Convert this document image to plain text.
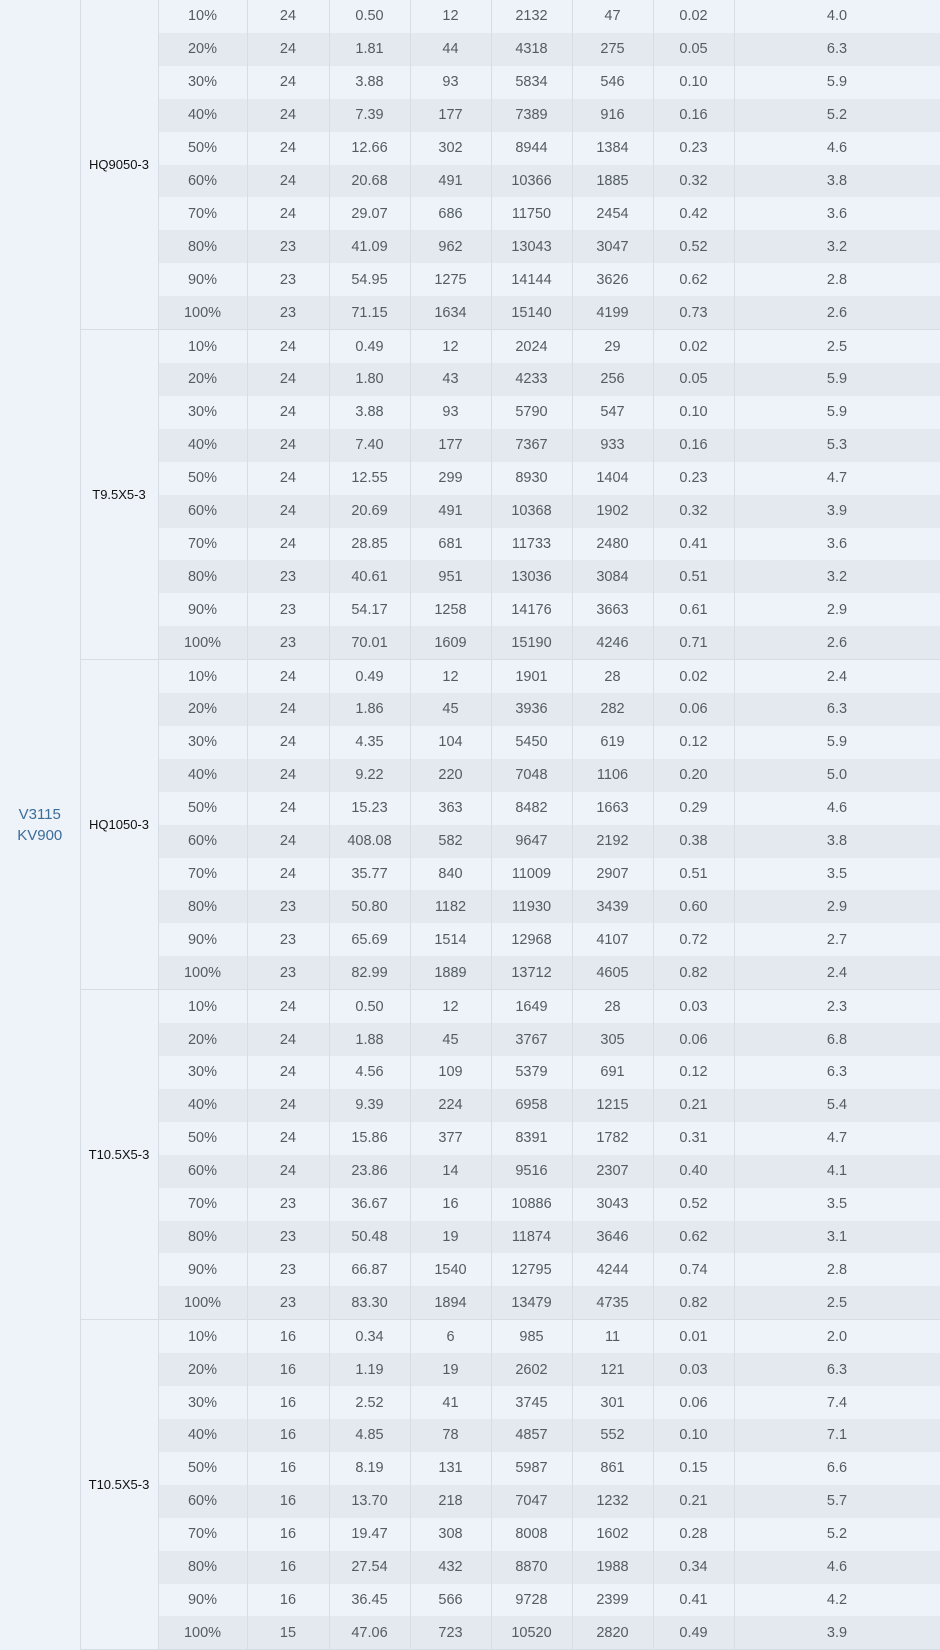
V3115
KV900	HQ9050-3	10%	24	0.50	12	2132	47	0.02	4.0	
		20%	24	1.81	44	4318	275	0.05	6.3	
		30%	24	3.88	93	5834	546	0.10	5.9	
		40%	24	7.39	177	7389	916	0.16	5.2	
		50%	24	12.66	302	8944	1384	0.23	4.6	
		60%	24	20.68	491	10366	1885	0.32	3.8	
		70%	24	29.07	686	11750	2454	0.42	3.6	
		80%	23	41.09	962	13043	3047	0.52	3.2	
		90%	23	54.95	1275	14144	3626	0.62	2.8	
		100%	23	71.15	1634	15140	4199	0.73	2.6	
	T9.5X5-3	10%	24	0.49	12	2024	29	0.02	2.5	
		20%	24	1.80	43	4233	256	0.05	5.9	
		30%	24	3.88	93	5790	547	0.10	5.9	
		40%	24	7.40	177	7367	933	0.16	5.3	
		50%	24	12.55	299	8930	1404	0.23	4.7	
		60%	24	20.69	491	10368	1902	0.32	3.9	
		70%	24	28.85	681	11733	2480	0.41	3.6	
		80%	23	40.61	951	13036	3084	0.51	3.2	
		90%	23	54.17	1258	14176	3663	0.61	2.9	
		100%	23	70.01	1609	15190	4246	0.71	2.6	
	HQ1050-3	10%	24	0.49	12	1901	28	0.02	2.4	
		20%	24	1.86	45	3936	282	0.06	6.3	
		30%	24	4.35	104	5450	619	0.12	5.9	
		40%	24	9.22	220	7048	1106	0.20	5.0	
		50%	24	15.23	363	8482	1663	0.29	4.6	
		60%	24	408.08	582	9647	2192	0.38	3.8	
		70%	24	35.77	840	11009	2907	0.51	3.5	
		80%	23	50.80	1182	11930	3439	0.60	2.9	
		90%	23	65.69	1514	12968	4107	0.72	2.7	
		100%	23	82.99	1889	13712	4605	0.82	2.4	
	T10.5X5-3	10%	24	0.50	12	1649	28	0.03	2.3	
		20%	24	1.88	45	3767	305	0.06	6.8	
		30%	24	4.56	109	5379	691	0.12	6.3	
		40%	24	9.39	224	6958	1215	0.21	5.4	
		50%	24	15.86	377	8391	1782	0.31	4.7	
		60%	24	23.86	14	9516	2307	0.40	4.1	
		70%	23	36.67	16	10886	3043	0.52	3.5	
		80%	23	50.48	19	11874	3646	0.62	3.1	
		90%	23	66.87	1540	12795	4244	0.74	2.8	
		100%	23	83.30	1894	13479	4735	0.82	2.5	
	T10.5X5-3	10%	16	0.34	6	985	11	0.01	2.0	
		20%	16	1.19	19	2602	121	0.03	6.3	
		30%	16	2.52	41	3745	301	0.06	7.4	
		40%	16	4.85	78	4857	552	0.10	7.1	
		50%	16	8.19	131	5987	861	0.15	6.6	
		60%	16	13.70	218	7047	1232	0.21	5.7	
		70%	16	19.47	308	8008	1602	0.28	5.2	
		80%	16	27.54	432	8870	1988	0.34	4.6	
		90%	16	36.45	566	9728	2399	0.41	4.2	
		100%	15	47.06	723	10520	2820	0.49	3.9	
